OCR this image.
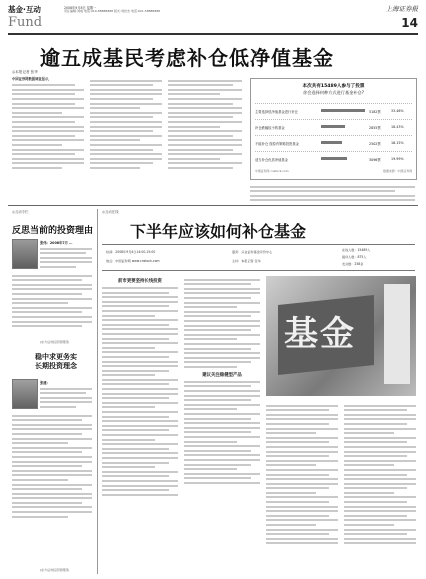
基金·互动	2008年9月8日 星期一
责任编辑:刘彧 电话:010-88888888 版式:刘世杰 电话:021-58888888
Fund
上海证券报
14
逾五成基民考虑补仓低净值基金
◎本报记者 张华
中国证券网数据调查显示，
本次共有15489人参与了投票
你会选择何种方式进行基金补仓?
主要选择低净值基金进行补仓	5182票	33.46%
补仓跌幅较小的基金	2855票	18.43%
不能补仓 按原有策略投资基金	2502票	16.15%
适当补仓优质净值基金	3096票	19.99%
中国证券网 cnstock.com	数据来源：中国证券网
◎互动专栏
反思当前的投资理由
张伟：2008年7月 …
(东方证券投资管理部)
稳中求更务实
长期投资理念
张建：
(东方证券投资管理部)
◎互动在线
下半年应该如何补仓基金
时间：2008年9月4日14:00-15:00
地点：中国证券网 www.cnstock.com
嘉宾：兴业证券基金评价中心
主持：本报记者 张华
在线人数：15489人
提问人数：875人
发言数：258条
前市更要坚持长线投资
建议关注稳健型产品
基金
